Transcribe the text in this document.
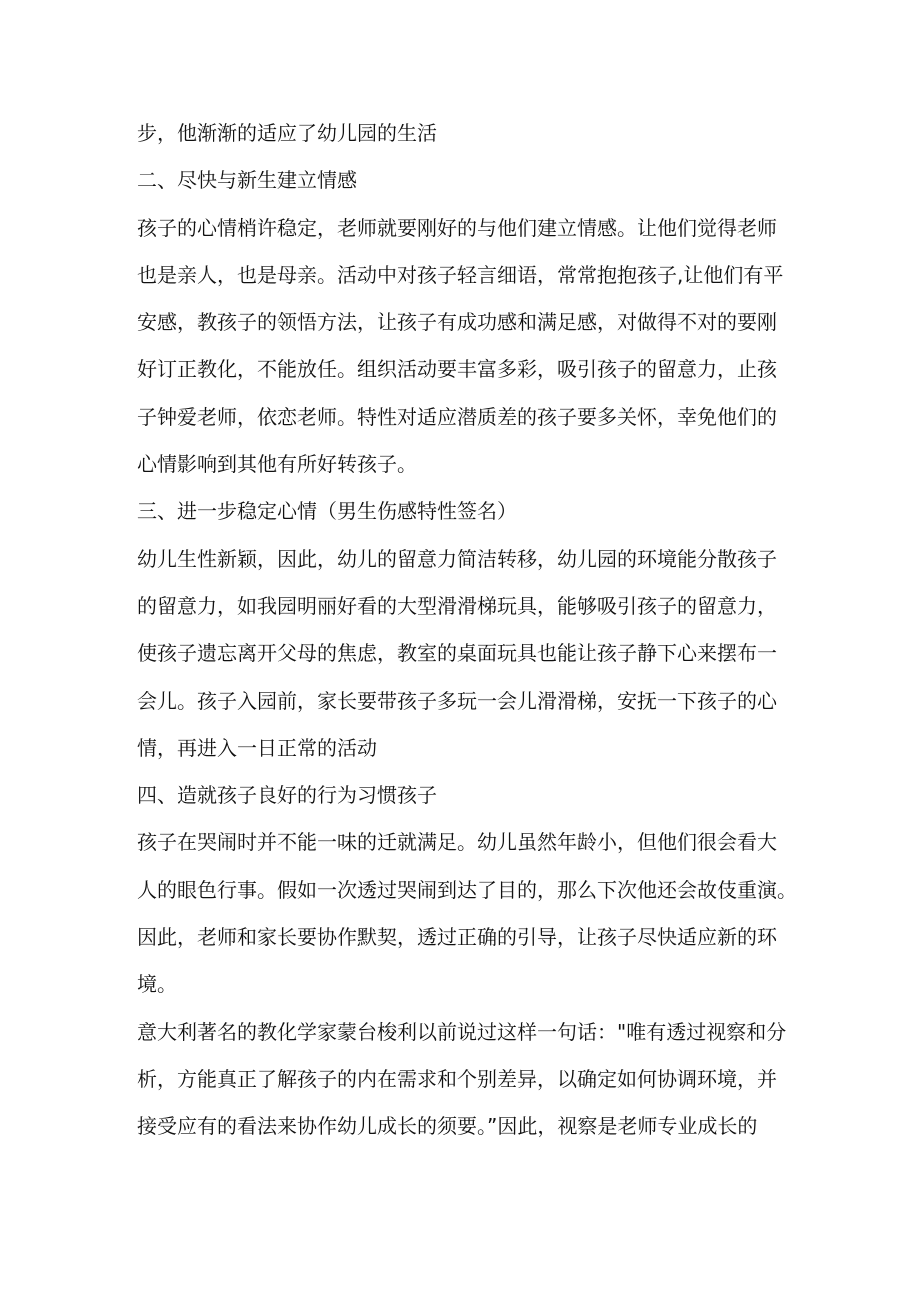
步，他渐渐的适应了幼儿园的生活
二、尽快与新生建立情感
孩子的心情梢许稳定，老师就要刚好的与他们建立情感。让他们觉得老师
也是亲人，也是母亲。活动中对孩子轻言细语，常常抱抱孩子,让他们有平
安感，教孩子的领悟方法，让孩子有成功感和满足感，对做得不对的要刚
好订正教化，不能放任。组织活动要丰富多彩，吸引孩子的留意力，止孩
子钟爱老师，依恋老师。特性对适应潜质差的孩子要多关怀，幸免他们的
心情影响到其他有所好转孩子。
三、进一步稳定心情（男生伤感特性签名）
幼儿生性新颖，因此，幼儿的留意力简洁转移，幼儿园的环境能分散孩子
的留意力，如我园明丽好看的大型滑滑梯玩具，能够吸引孩子的留意力，
使孩子遗忘离开父母的焦虑，教室的桌面玩具也能让孩子静下心来摆布一
会儿。孩子入园前，家长要带孩子多玩一会儿滑滑梯，安抚一下孩子的心
情，再进入一日正常的活动
四、造就孩子良好的行为习惯孩子
孩子在哭闹时并不能一味的迁就满足。幼儿虽然年龄小，但他们很会看大
人的眼色行事。假如一次透过哭闹到达了目的，那么下次他还会故伎重演。
因此，老师和家长要协作默契，透过正确的引导，让孩子尽快适应新的环
境。
意大利著名的教化学家蒙台梭利以前说过这样一句话："唯有透过视察和分
析，方能真正了解孩子的内在需求和个别差异，以确定如何协调环境，并
接受应有的看法来协作幼儿成长的须要。”因此，视察是老师专业成长的
